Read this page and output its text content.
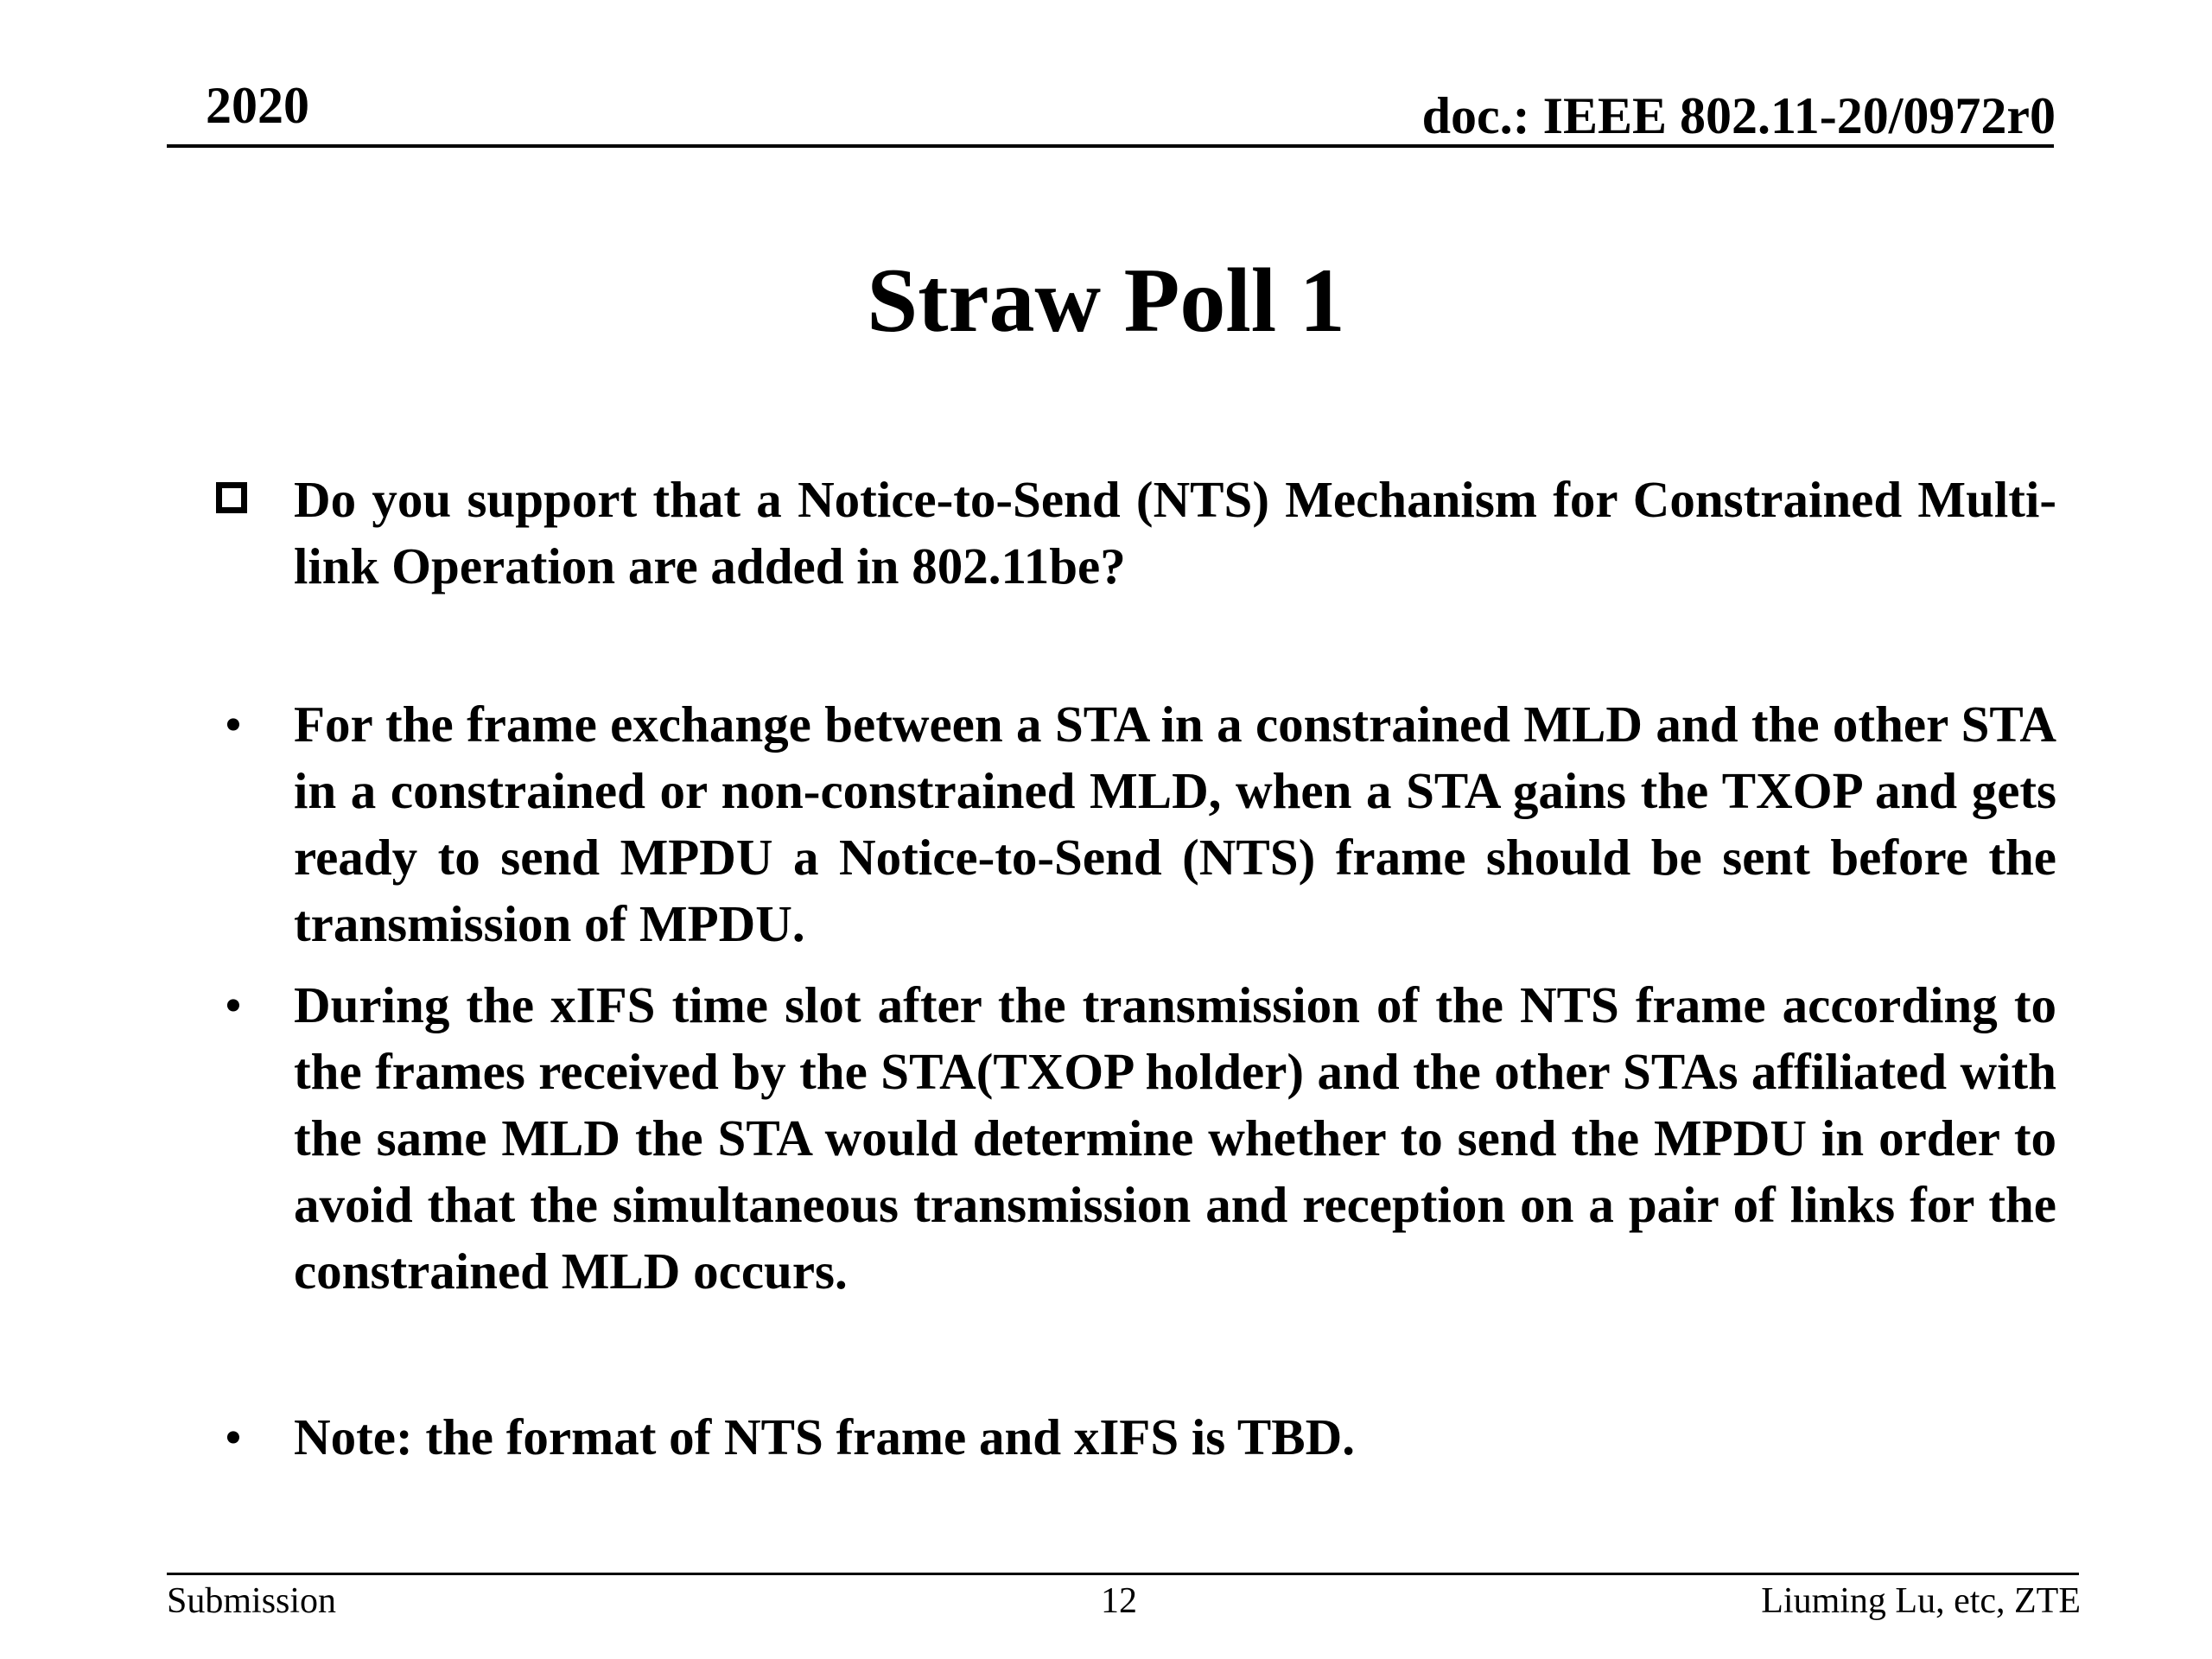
2020	doc.: IEEE 802.11-20/0972r0
Straw Poll 1
Do you support that a Notice-to-Send (NTS) Mechanism for Constrained Multi-link Operation are added in 802.11be?
•	For the frame exchange between a STA in a constrained MLD and the other STA in a constrained or non-constrained MLD, when a STA gains the TXOP and gets ready to send MPDU a Notice-to-Send (NTS) frame should be sent before the transmission of MPDU.
•	During the xIFS time slot after the transmission of the NTS frame according to the frames received by the STA(TXOP holder) and the other STAs affiliated with the same MLD the STA would determine whether to send the MPDU in order to avoid that the simultaneous transmission and reception on a pair of links for the constrained MLD occurs.
•	Note: the format of NTS frame and xIFS is TBD.
Submission	12	Liuming Lu, etc, ZTE
